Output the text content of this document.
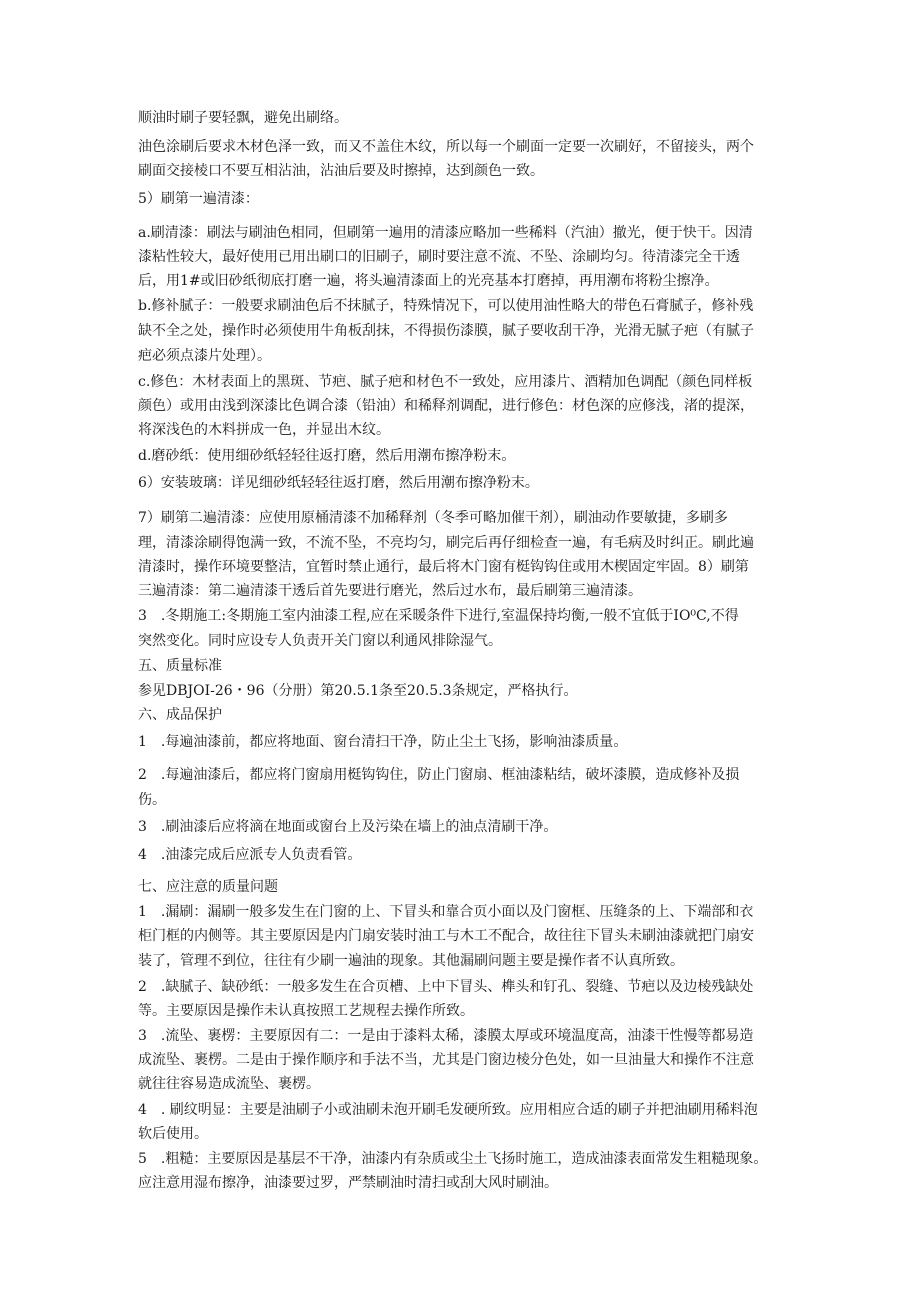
顺油时刷子要轻飘，避免出刷络。
油色涂刷后要求木材色泽一致，而又不盖住木纹，所以每一个刷面一定要一次刷好，不留接头，两个
刷面交接棱口不要互相沾油，沾油后要及时擦掉，达到颜色一致。
5）刷第一遍清漆：
a.刷清漆：刷法与刷油色相同，但刷第一遍用的清漆应略加一些稀料（汽油）撤光，便于快干。因清
漆粘性较大，最好使用已用出刷口的旧刷子，刷时要注意不流、不坠、涂刷均匀。待清漆完全干透
后，用1#或旧砂纸彻底打磨一遍，将头遍清漆面上的光亮基本打磨掉，再用潮布将粉尘擦净。
b.修补腻子：一般要求刷油色后不抹腻子，特殊情况下，可以使用油性略大的带色石膏腻子，修补残
缺不全之处，操作时必须使用牛角板刮抹，不得损伤漆膜，腻子要收刮干净，光滑无腻子疤（有腻子
疤必须点漆片处理）。
c.修色：木材表面上的黑斑、节疤、腻子疤和材色不一致处，应用漆片、酒精加色调配（颜色同样板
颜色）或用由浅到深漆比色调合漆（铅油）和稀释剂调配，进行修色：材色深的应修浅，渚的提深，
将深浅色的木料拼成一色，并显出木纹。
d.磨砂纸：使用细砂纸轻轻往返打磨，然后用潮布擦净粉末。
6）安装玻璃：详见细砂纸轻轻往返打磨，然后用潮布擦净粉末。
7）刷第二遍清漆：应使用原桶清漆不加稀释剂（冬季可略加催干剂），刷油动作要敏捷，多刷多
理，清漆涂刷得饱满一致，不流不坠，不亮均匀，刷完后再仔细检查一遍，有毛病及时纠正。刷此遍
清漆时，操作环境要整洁，宜暂时禁止通行，最后将木门窗有梃钩钩住或用木楔固定牢固。8）刷第
三遍清漆：第二遍清漆干透后首先要进行磨光，然后过水布，最后刷第三遍清漆。
3　.冬期施工:冬期施工室内油漆工程,应在采暖条件下进行,室温保持均衡,一般不宜低于IO⁰C,不得
突然变化。同时应设专人负责开关门窗以利通风排除湿气。
五、质量标准
参见DBJOI-26・96（分册）第20.5.1条至20.5.3条规定，严格执行。
六、成品保护
1　.每遍油漆前，都应将地面、窗台清扫干净，防止尘土飞扬，影响油漆质量。
2　.每遍油漆后，都应将门窗扇用梃钩钩住，防止门窗扇、框油漆粘结，破坏漆膜，造成修补及损
伤。
3　.刷油漆后应将滴在地面或窗台上及污染在墙上的油点清刷干净。
4　.油漆完成后应派专人负责看管。
七、应注意的质量问题
1　.漏刷：漏刷一般多发生在门窗的上、下冒头和靠合页小面以及门窗框、压缝条的上、下端部和衣
柜门框的内侧等。其主要原因是内门扇安装时油工与木工不配合，故往往下冒头未刷油漆就把门扇安
装了，管理不到位，往往有少刷一遍油的现象。其他漏刷问题主要是操作者不认真所致。
2　.缺腻子、缺砂纸：一般多发生在合页槽、上中下冒头、榫头和钉孔、裂缝、节疤以及边棱残缺处
等。主要原因是操作未认真按照工艺规程去操作所致。
3　.流坠、裹楞：主要原因有二：一是由于漆料太稀，漆膜太厚或环境温度高，油漆干性慢等都易造
成流坠、裹楞。二是由于操作顺序和手法不当，尤其是门窗边棱分色处，如一旦油量大和操作不注意
就往往容易造成流坠、裹楞。
4　. 刷纹明显：主要是油刷子小或油刷未泡开刷毛发硬所致。应用相应合适的刷子并把油刷用稀料泡
软后使用。
5　.粗糙：主要原因是基层不干净，油漆内有杂质或尘土飞扬时施工，造成油漆表面常发生粗糙现象。
应注意用湿布擦净，油漆要过罗，严禁刷油时清扫或刮大风时刷油。
